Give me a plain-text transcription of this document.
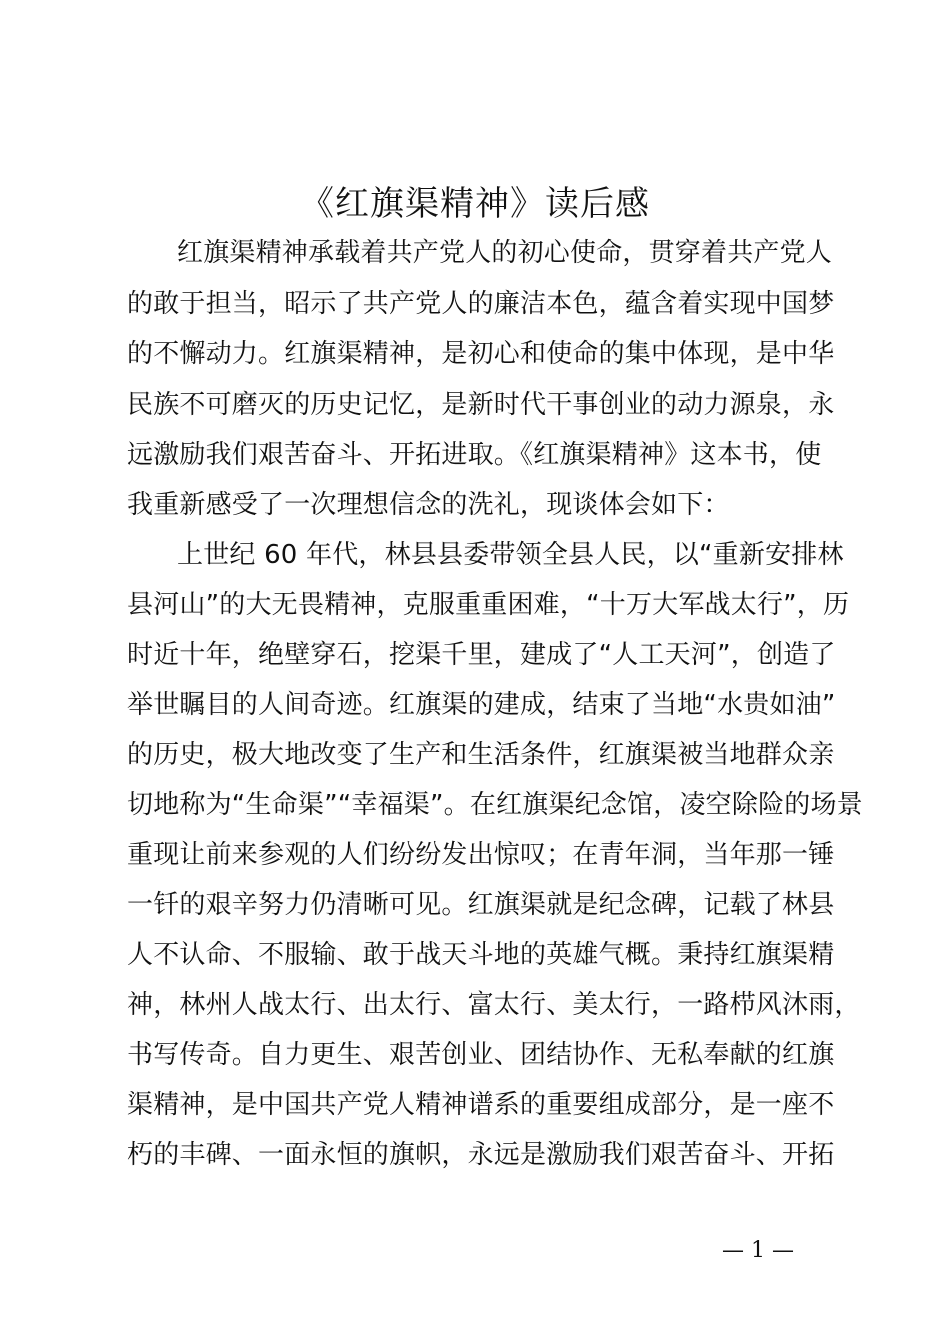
《红旗渠精神》读后感
红旗渠精神承载着共产党人的初心使命，贯穿着共产党人
的敢于担当，昭示了共产党人的廉洁本色，蕴含着实现中国梦
的不懈动力。红旗渠精神，是初心和使命的集中体现，是中华
民族不可磨灭的历史记忆，是新时代干事创业的动力源泉，永
远激励我们艰苦奋斗、开拓进取。《红旗渠精神》这本书，使
我重新感受了一次理想信念的洗礼，现谈体会如下：
上世纪 60 年代，林县县委带领全县人民，以“重新安排林
县河山”的大无畏精神，克服重重困难，“十万大军战太行”，历
时近十年，绝壁穿石，挖渠千里，建成了“人工天河”，创造了
举世瞩目的人间奇迹。红旗渠的建成，结束了当地“水贵如油”
的历史，极大地改变了生产和生活条件，红旗渠被当地群众亲
切地称为“生命渠”“幸福渠”。在红旗渠纪念馆，凌空除险的场景
重现让前来参观的人们纷纷发出惊叹；在青年洞，当年那一锤
一钎的艰辛努力仍清晰可见。红旗渠就是纪念碑，记载了林县
人不认命、不服输、敢于战天斗地的英雄气概。秉持红旗渠精
神，林州人战太行、出太行、富太行、美太行，一路栉风沐雨，
书写传奇。自力更生、艰苦创业、团结协作、无私奉献的红旗
渠精神，是中国共产党人精神谱系的重要组成部分，是一座不
朽的丰碑、一面永恒的旗帜，永远是激励我们艰苦奋斗、开拓
— 1 —
